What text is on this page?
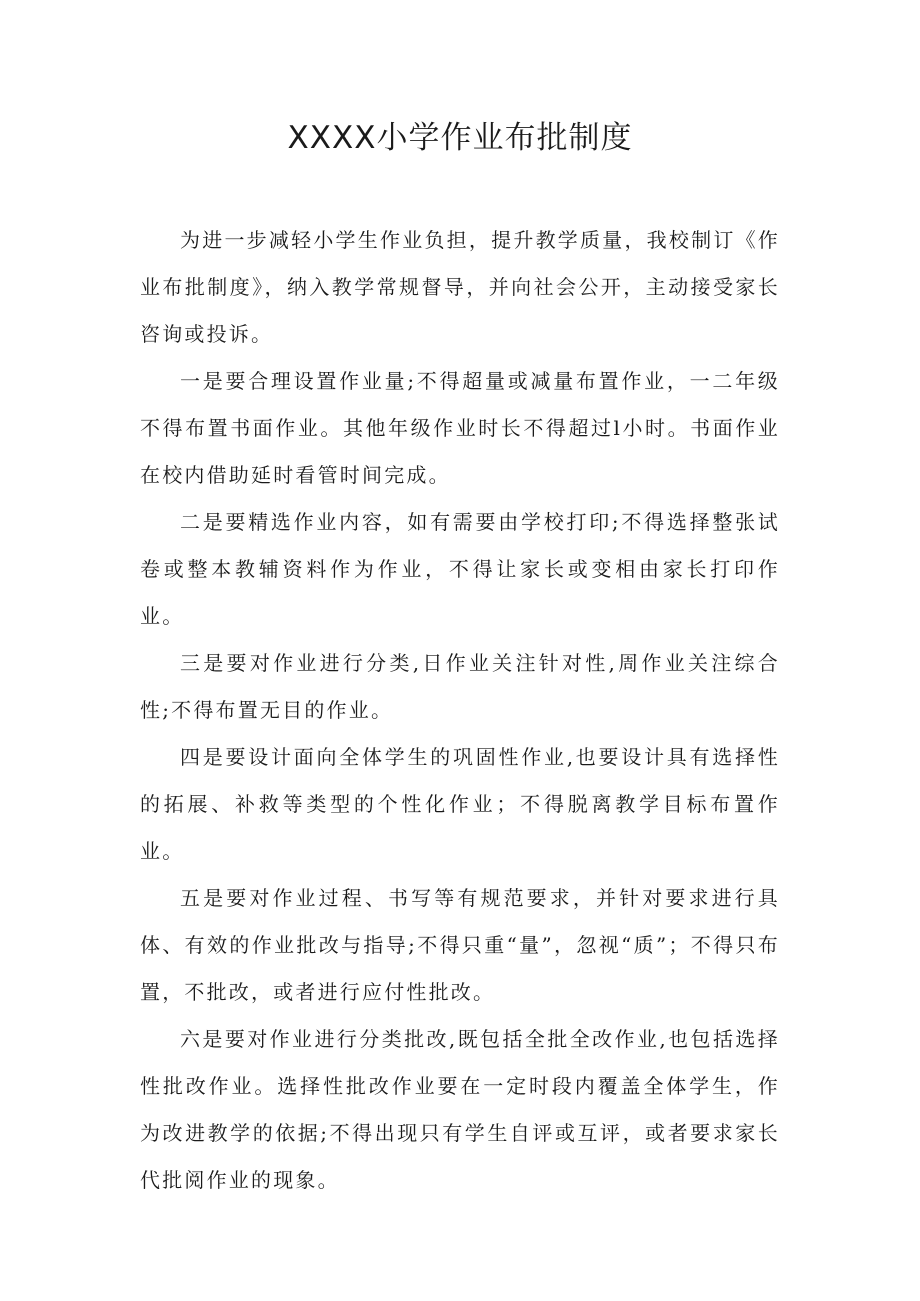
XXXX小学作业布批制度

为进一步减轻小学生作业负担，提升教学质量，我校制订《作业布批制度》，纳入教学常规督导，并向社会公开，主动接受家长咨询或投诉。

一是要合理设置作业量;不得超量或减量布置作业，一二年级不得布置书面作业。其他年级作业时长不得超过l小时。书面作业在校内借助延时看管时间完成。

二是要精选作业内容，如有需要由学校打印;不得选择整张试卷或整本教辅资料作为作业，不得让家长或变相由家长打印作业。

三是要对作业进行分类,日作业关注针对性,周作业关注综合性;不得布置无目的作业。

四是要设计面向全体学生的巩固性作业,也要设计具有选择性的拓展、补救等类型的个性化作业；不得脱离教学目标布置作业。

五是要对作业过程、书写等有规范要求，并针对要求进行具体、有效的作业批改与指导;不得只重“量”，忽视“质”；不得只布置，不批改，或者进行应付性批改。

六是要对作业进行分类批改,既包括全批全改作业,也包括选择性批改作业。选择性批改作业要在一定时段内覆盖全体学生，作为改进教学的依据;不得出现只有学生自评或互评，或者要求家长代批阅作业的现象。
